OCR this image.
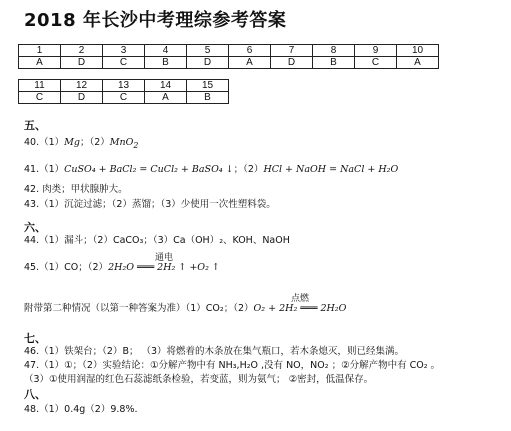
2018 年长沙中考理综参考答案
1	2	3	4	5	6	7	8	9	10
A	D	C	B	D	A	D	B	C	A
11	12	13	14	15
C	D	C	A	B
五、
40.（1）Mg；（2）MnO$_2$
41.（1）CuSO₄ + BaCl₂ = CuCl₂ + BaSO₄ ↓；（2）HCl + NaOH = NaCl + H₂O
42. 肉类；甲状腺肿大。
43.（1）沉淀过滤；（2）蒸馏；（3）少使用一次性塑料袋。
六、
44.（1）漏斗；（2）CaCO₃；（3）Ca（OH）₂、KOH、NaOH
45.（1）CO；（2）
通电
2H₂O ═══ 2H₂ ↑ +O₂ ↑
附带第二种情况（以第一种答案为准）（1）CO₂；（2）
点燃
O₂ + 2H₂ ═══ 2H₂O
七、
46.（1）铁架台；（2）B； （3）将燃着的木条放在集气瓶口，若木条熄灭，则已经集满。
47.（1）①；（2）实验结论：①分解产物中有 NH₃,H₂O ,没有 NO，NO₂ ；②分解产物中有 CO₂ 。
（3）①使用润湿的红色石蕊滤纸条检验，若变蓝，则为氨气； ②密封，低温保存。
八、
48.（1）0.4g（2）9.8%.
